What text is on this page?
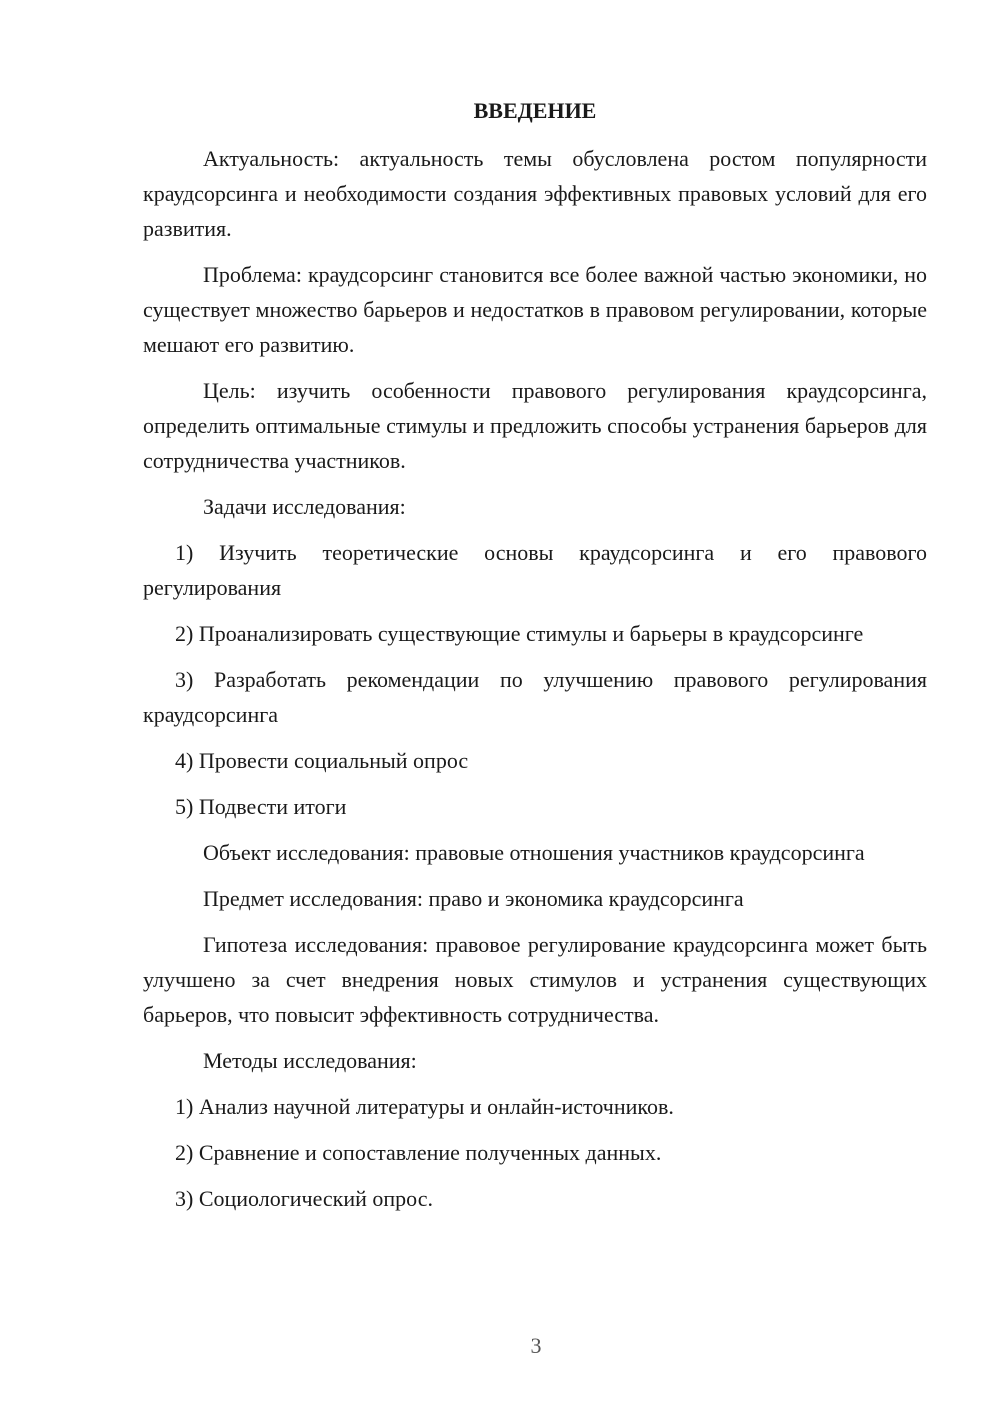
ВВЕДЕНИЕ

Актуальность: актуальность темы обусловлена ростом популярности краудсорсинга и необходимости создания эффективных правовых условий для его развития.

Проблема: краудсорсинг становится все более важной частью экономики, но существует множество барьеров и недостатков в правовом регулировании, которые мешают его развитию.

Цель: изучить особенности правового регулирования краудсорсинга, определить оптимальные стимулы и предложить способы устранения барьеров для сотрудничества участников.

Задачи исследования:

1) Изучить теоретические основы краудсорсинга и его правового регулирования

2) Проанализировать существующие стимулы и барьеры в краудсорсинге

3) Разработать рекомендации по улучшению правового регулирования краудсорсинга

4) Провести социальный опрос

5) Подвести итоги

Объект исследования: правовые отношения участников краудсорсинга

Предмет исследования: право и экономика краудсорсинга

Гипотеза исследования: правовое регулирование краудсорсинга может быть улучшено за счет внедрения новых стимулов и устранения существующих барьеров, что повысит эффективность сотрудничества.

Методы исследования:

1) Анализ научной литературы и онлайн-источников.

2) Сравнение и сопоставление полученных данных.

3) Социологический опрос.

3
